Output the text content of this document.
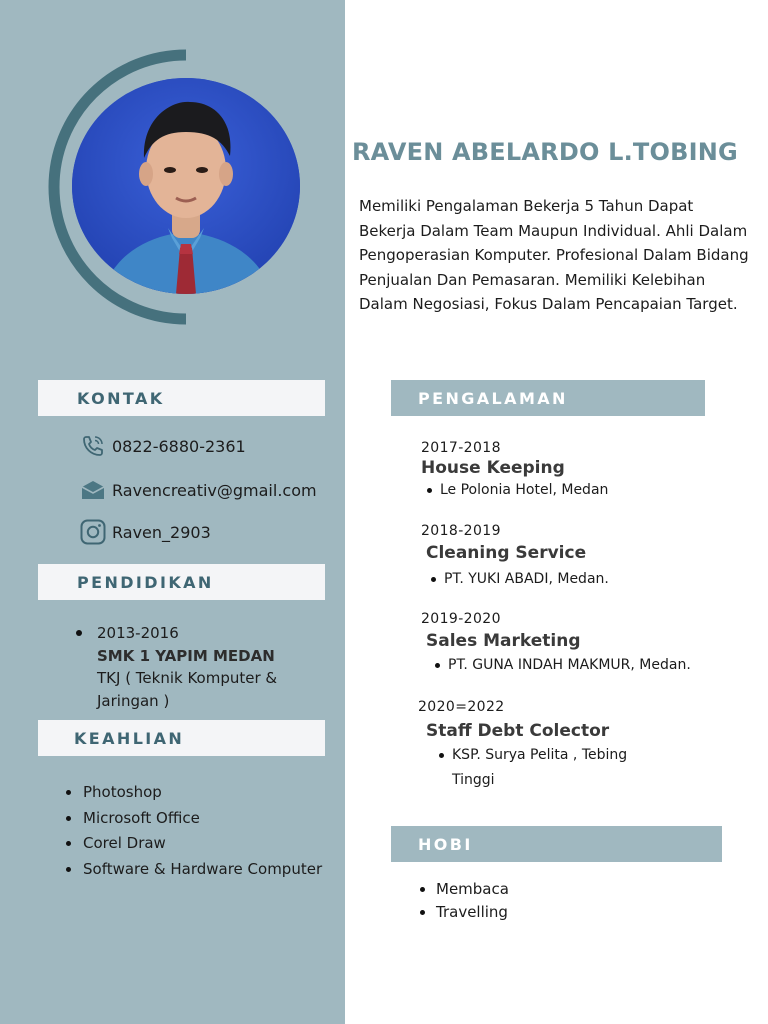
RAVEN ABELARDO L.TOBING

Memiliki Pengalaman Bekerja 5 Tahun Dapat Bekerja Dalam Team Maupun Individual. Ahli Dalam Pengoperasian Komputer. Profesional Dalam Bidang Penjualan Dan Pemasaran. Memiliki Kelebihan Dalam Negosiasi, Fokus Dalam Pencapaian Target.

KONTAK
0822-6880-2361
Ravencreativ@gmail.com
Raven_2903
PENDIDIKAN
2013-2016
SMK 1 YAPIM MEDAN
TKJ ( Teknik Komputer & Jaringan )
KEAHLIAN
Photoshop
Microsoft Office
Corel Draw
Software & Hardware Computer
PENGALAMAN
2017-2018
House Keeping
Le Polonia Hotel, Medan
2018-2019
Cleaning Service
PT. YUKI ABADI, Medan.
2019-2020
Sales Marketing
PT. GUNA INDAH MAKMUR, Medan.
2020=2022
Staff Debt Colector
KSP. Surya Pelita , Tebing Tinggi
HOBI
Membaca
Travelling
